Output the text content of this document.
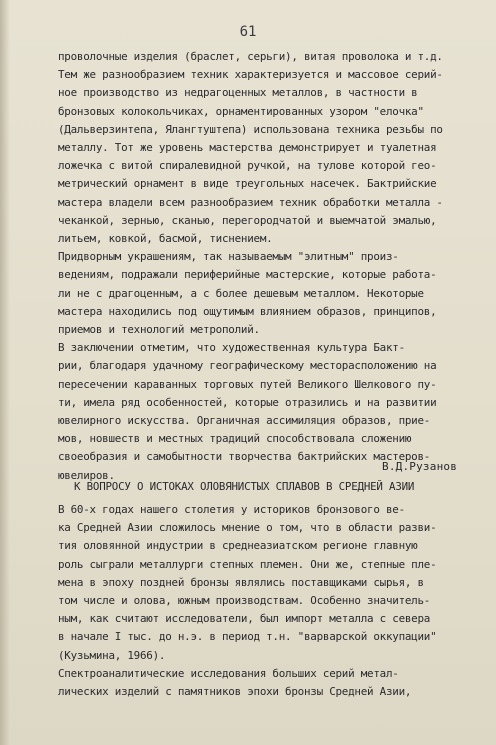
61
проволочные изделия (браслет, серьги), витая проволока и т.д.
Тем же разнообразием техник характеризуется и массовое серий-
ное производство из недрагоценных металлов, в частности в
бронзовых колокольчиках, орнаментированных узором "елочка"
(Дальверзинтепа, Ялангтуштепа) использована техника резьбы по
металлу. Тот же уровень мастерства демонстрирует и туалетная
ложечка с витой спиралевидной ручкой, на тулове которой гео-
метрический орнамент в виде треугольных насечек. Бактрийские
мастера владели всем разнообразием техник обработки металла -
чеканкой, зернью, сканью, перегородчатой и выемчатой эмалью,
литьем, ковкой, басмой, тиснением.
Придворным украшениям, так называемым "элитным" произ-
ведениям, подражали периферийные мастерские, которые работа-
ли не с драгоценным, а с более дешевым металлом. Некоторые
мастера находились под ощутимым влиянием образов, принципов,
приемов и технологий метрополий.
В заключении отметим, что художественная культура Бакт-
рии, благодаря удачному географическому месторасположению на
пересечении караванных торговых путей Великого Шелкового пу-
ти, имела ряд особенностей, которые отразились и на развитии
ювелирного искусства. Органичная ассимиляция образов, прие-
мов, новшеств и местных традиций способствовала сложению
своеобразия и самобытности творчества бактрийских мастеров-
ювелиров.
В.Д.Рузанов
К ВОПРОСУ О ИСТОКАХ ОЛОВЯНИСТЫХ СПЛАВОВ В СРЕДНЕЙ АЗИИ
В 60-х годах нашего столетия у историков бронзового ве-
ка Средней Азии сложилось мнение о том, что в области разви-
тия оловянной индустрии в среднеазиатском регионе главную
роль сыграли металлурги степных племен. Они же, степные пле-
мена в эпоху поздней бронзы являлись поставщиками сырья, в
том числе и олова, южным производствам. Особенно значитель-
ным, как считают исследователи, был импорт металла с севера
в начале I тыс. до н.э. в период т.н. "варварской оккупации"
(Кузьмина, 1966).
Спектроаналитические исследования больших серий метал-
лических изделий с памятников эпохи бронзы Средней Азии,
